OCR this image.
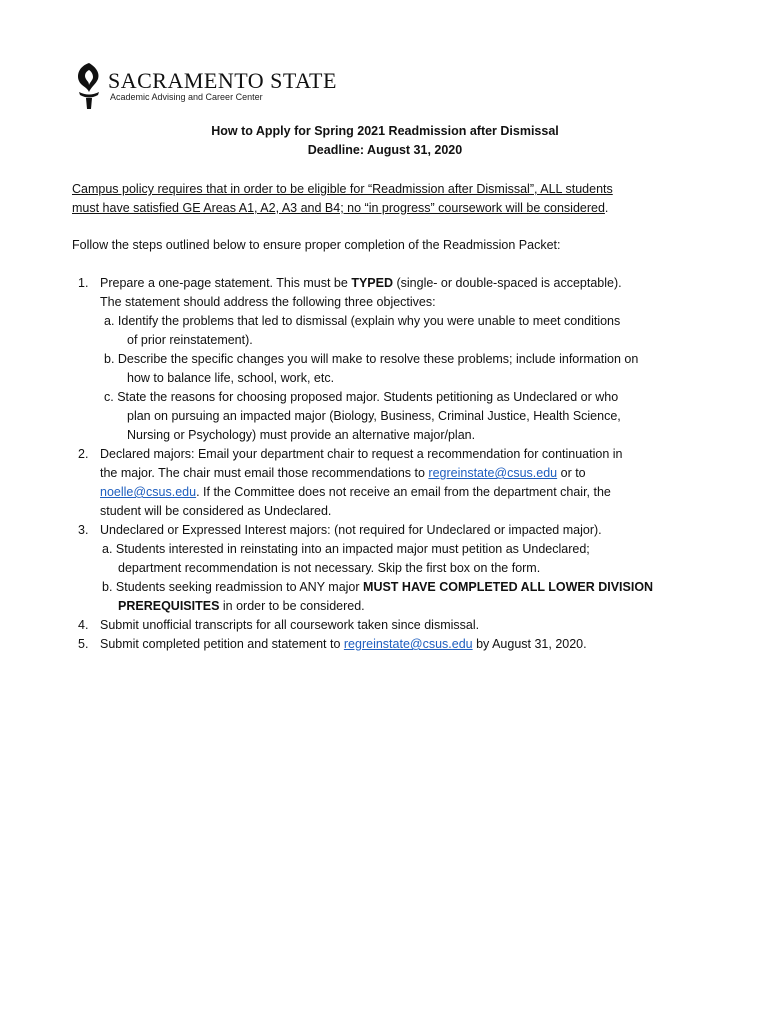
SACRAMENTO STATE
Academic Advising and Career Center
How to Apply for Spring 2021 Readmission after Dismissal
Deadline: August 31, 2020
Campus policy requires that in order to be eligible for “Readmission after Dismissal”, ALL students
must have satisfied GE Areas A1, A2, A3 and B4; no “in progress” coursework will be considered.
Follow the steps outlined below to ensure proper completion of the Readmission Packet:
1. Prepare a one-page statement. This must be TYPED (single- or double-spaced is acceptable).
The statement should address the following three objectives:
a. Identify the problems that led to dismissal (explain why you were unable to meet conditions
of prior reinstatement).
b. Describe the specific changes you will make to resolve these problems; include information on
how to balance life, school, work, etc.
c. State the reasons for choosing proposed major. Students petitioning as Undeclared or who
plan on pursuing an impacted major (Biology, Business, Criminal Justice, Health Science,
Nursing or Psychology) must provide an alternative major/plan.
2. Declared majors: Email your department chair to request a recommendation for continuation in
the major. The chair must email those recommendations to regreinstate@csus.edu or to
noelle@csus.edu. If the Committee does not receive an email from the department chair, the
student will be considered as Undeclared.
3. Undeclared or Expressed Interest majors: (not required for Undeclared or impacted major).
a. Students interested in reinstating into an impacted major must petition as Undeclared;
department recommendation is not necessary. Skip the first box on the form.
b. Students seeking readmission to ANY major MUST HAVE COMPLETED ALL LOWER DIVISION
PREREQUISITES in order to be considered.
4. Submit unofficial transcripts for all coursework taken since dismissal.
5. Submit completed petition and statement to regreinstate@csus.edu by August 31, 2020.
